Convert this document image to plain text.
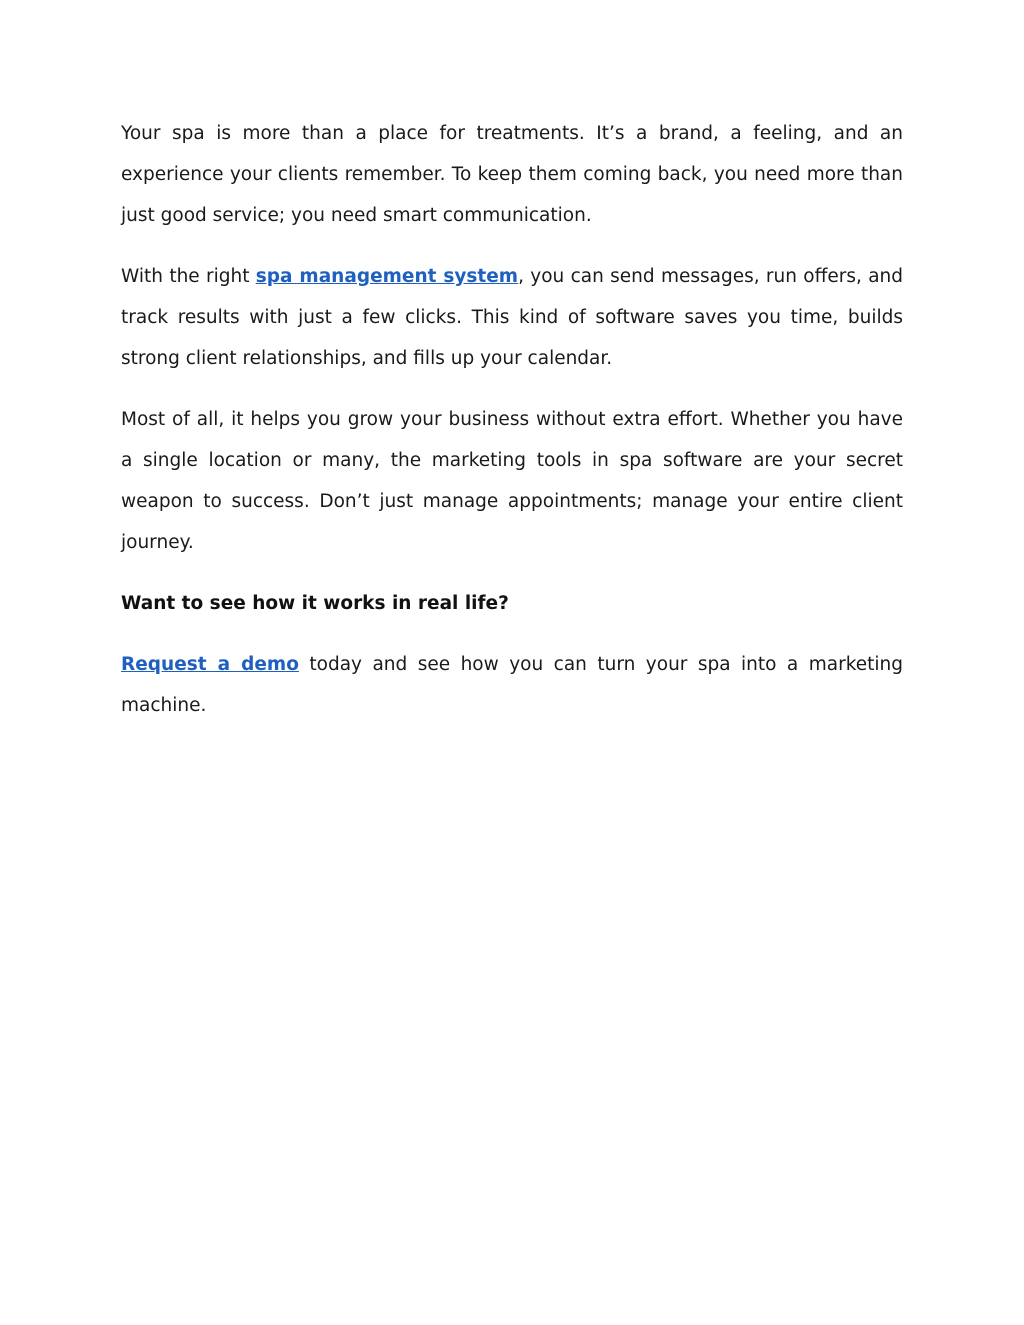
Your spa is more than a place for treatments. It’s a brand, a feeling, and an experience your clients remember. To keep them coming back, you need more than just good service; you need smart communication.

With the right spa management system, you can send messages, run offers, and track results with just a few clicks. This kind of software saves you time, builds strong client relationships, and fills up your calendar.

Most of all, it helps you grow your business without extra effort. Whether you have a single location or many, the marketing tools in spa software are your secret weapon to success. Don’t just manage appointments; manage your entire client journey.

Want to see how it works in real life?

Request a demo today and see how you can turn your spa into a marketing machine.
